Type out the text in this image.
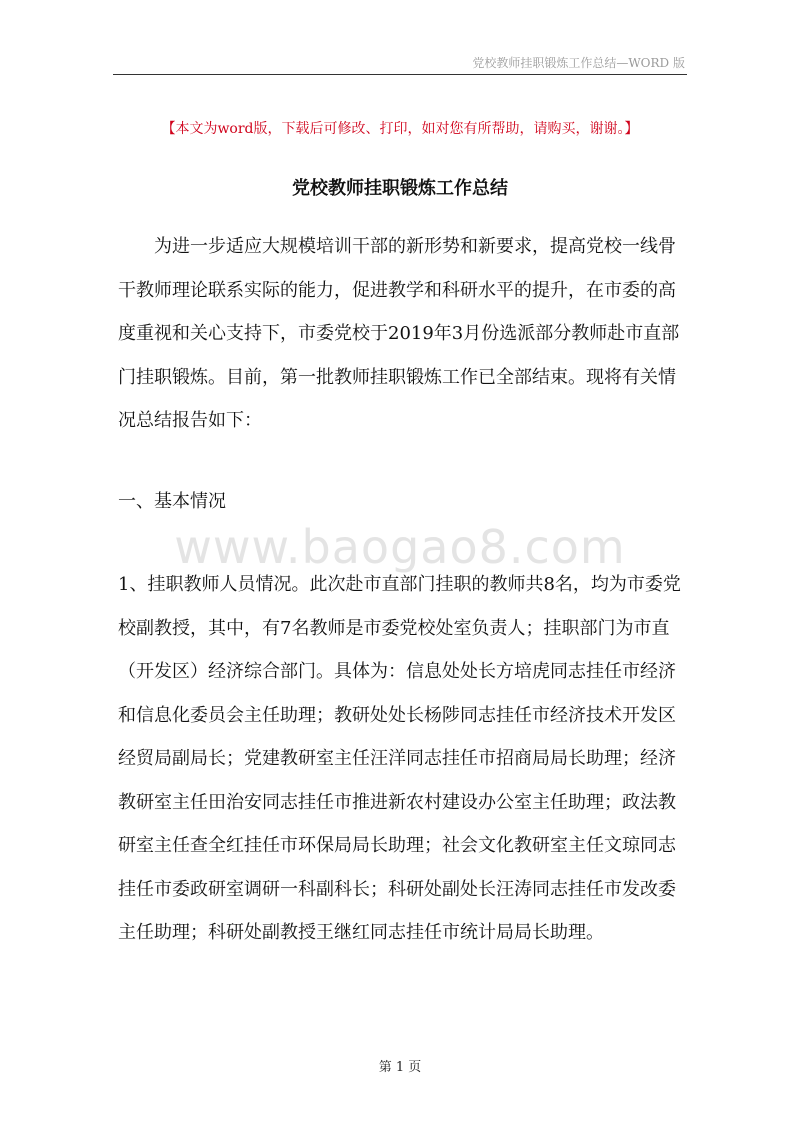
党校教师挂职锻炼工作总结—WORD 版
【本文为word版，下载后可修改、打印，如对您有所帮助，请购买，谢谢。】
党校教师挂职锻炼工作总结
为进一步适应大规模培训干部的新形势和新要求，提高党校一线骨干教师理论联系实际的能力，促进教学和科研水平的提升，在市委的高度重视和关心支持下，市委党校于2019年3月份选派部分教师赴市直部门挂职锻炼。目前，第一批教师挂职锻炼工作已全部结束。现将有关情况总结报告如下：
一、基本情况
www.baogao8.com
1、挂职教师人员情况。此次赴市直部门挂职的教师共8名，均为市委党校副教授，其中，有7名教师是市委党校处室负责人；挂职部门为市直（开发区）经济综合部门。具体为：信息处处长方培虎同志挂任市经济和信息化委员会主任助理；教研处处长杨陟同志挂任市经济技术开发区经贸局副局长；党建教研室主任汪洋同志挂任市招商局局长助理；经济教研室主任田治安同志挂任市推进新农村建设办公室主任助理；政法教研室主任查全红挂任市环保局局长助理；社会文化教研室主任文琼同志挂任市委政研室调研一科副科长；科研处副处长汪涛同志挂任市发改委主任助理；科研处副教授王继红同志挂任市统计局局长助理。
第 1 页
